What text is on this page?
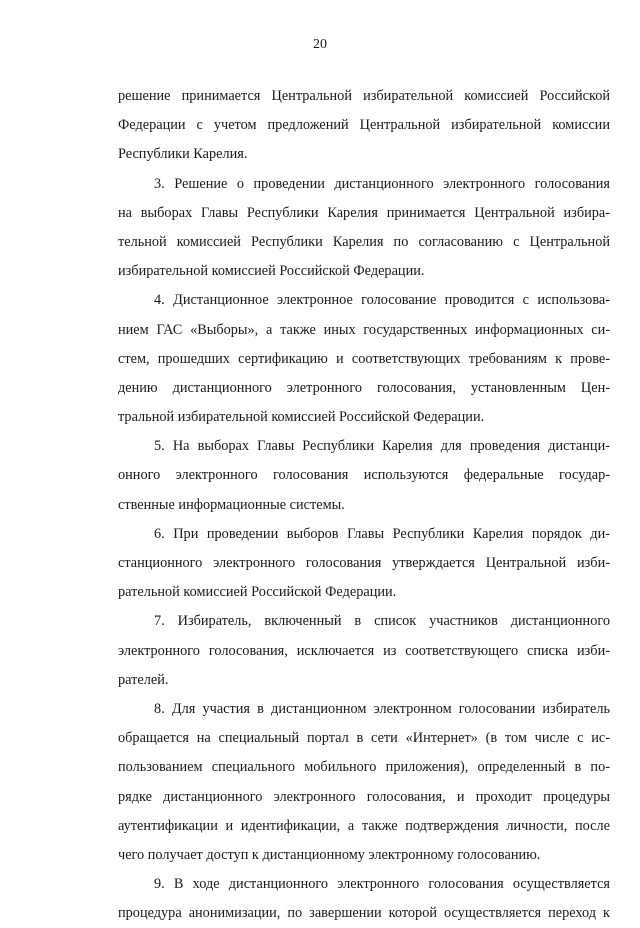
20
решение принимается Центральной избирательной комиссией Российской
Федерации с учетом предложений Центральной избирательной комиссии
Республики Карелия.
3. Решение о проведении дистанционного электронного голосования
на выборах Главы Республики Карелия принимается Центральной избира-
тельной комиссией Республики Карелия по согласованию с Центральной
избирательной комиссией Российской Федерации.
4. Дистанционное электронное голосование проводится с использова-
нием ГАС «Выборы», а также иных государственных информационных си-
стем, прошедших сертификацию и соответствующих требованиям к прове-
дению дистанционного элетронного голосования, установленным Цен-
тральной избирательной комиссией Российской Федерации.
5. На выборах Главы Республики Карелия для проведения дистанци-
онного электронного голосования используются федеральные государ-
ственные информационные системы.
6. При проведении выборов Главы Республики Карелия порядок ди-
станционного электронного голосования утверждается Центральной изби-
рательной комиссией Российской Федерации.
7. Избиратель, включенный в список участников дистанционного
электронного голосования, исключается из соответствующего списка изби-
рателей.
8. Для участия в дистанционном электронном голосовании избиратель
обращается на специальный портал в сети «Интернет» (в том числе с ис-
пользованием специального мобильного приложения), определенный в по-
рядке дистанционного электронного голосования, и проходит процедуры
аутентификации и идентификации, а также подтверждения личности, после
чего получает доступ к дистанционному электронному голосованию.
9. В ходе дистанционного электронного голосования осуществляется
процедура анонимизации, по завершении которой осуществляется переход к
